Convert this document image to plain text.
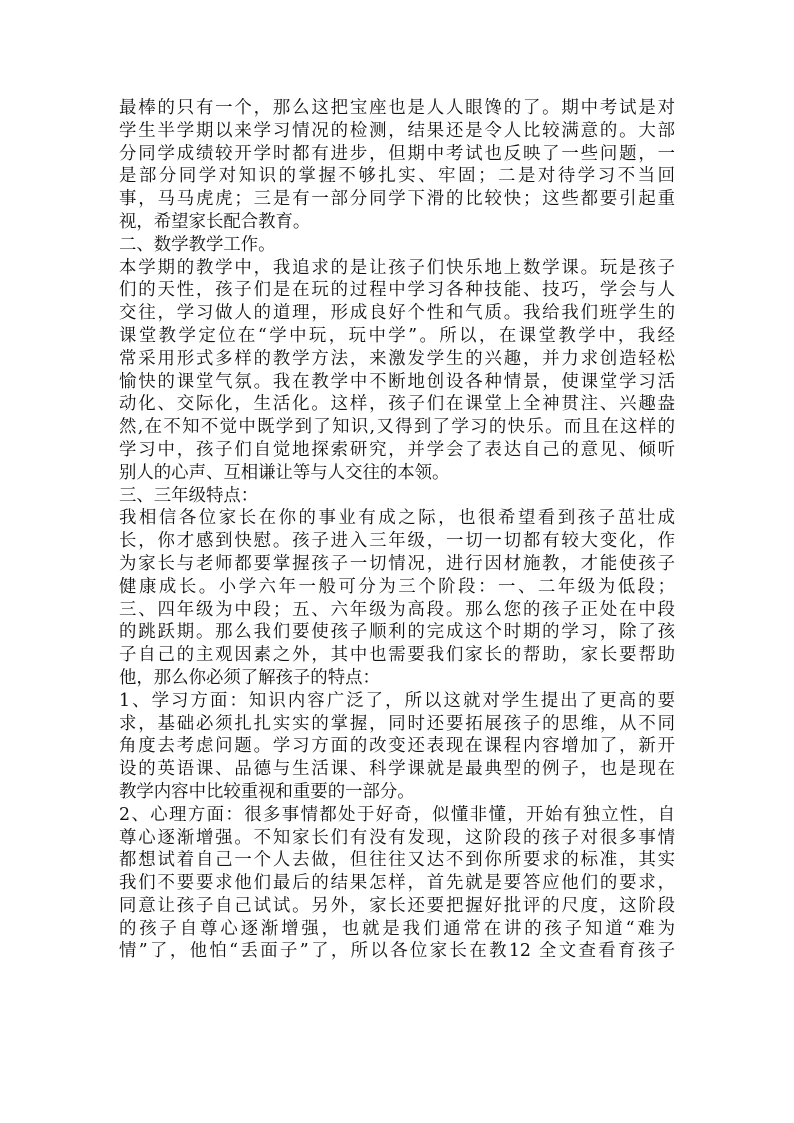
最棒的只有一个，那么这把宝座也是人人眼馋的了。期中考试是对
学生半学期以来学习情况的检测，结果还是令人比较满意的。大部
分同学成绩较开学时都有进步，但期中考试也反映了一些问题，一
是部分同学对知识的掌握不够扎实、牢固；二是对待学习不当回
事，马马虎虎；三是有一部分同学下滑的比较快；这些都要引起重
视，希望家长配合教育。
二、数学教学工作。
本学期的教学中，我追求的是让孩子们快乐地上数学课。玩是孩子
们的天性，孩子们是在玩的过程中学习各种技能、技巧，学会与人
交往，学习做人的道理，形成良好个性和气质。我给我们班学生的
课堂教学定位在“学中玩，玩中学”。所以，在课堂教学中，我经
常采用形式多样的教学方法，来激发学生的兴趣，并力求创造轻松
愉快的课堂气氛。我在教学中不断地创设各种情景，使课堂学习活
动化、交际化，生活化。这样，孩子们在课堂上全神贯注、兴趣盎
然,在不知不觉中既学到了知识,又得到了学习的快乐。而且在这样的
学习中，孩子们自觉地探索研究，并学会了表达自己的意见、倾听
别人的心声、互相谦让等与人交往的本领。
三、三年级特点：
我相信各位家长在你的事业有成之际，也很希望看到孩子茁壮成
长，你才感到快慰。孩子进入三年级，一切一切都有较大变化，作
为家长与老师都要掌握孩子一切情况，进行因材施教，才能使孩子
健康成长。小学六年一般可分为三个阶段：一、二年级为低段；
三、四年级为中段；五、六年级为高段。那么您的孩子正处在中段
的跳跃期。那么我们要使孩子顺利的完成这个时期的学习，除了孩
子自己的主观因素之外，其中也需要我们家长的帮助，家长要帮助
他，那么你必须了解孩子的特点：
1、学习方面：知识内容广泛了，所以这就对学生提出了更高的要
求，基础必须扎扎实实的掌握，同时还要拓展孩子的思维，从不同
角度去考虑问题。学习方面的改变还表现在课程内容增加了，新开
设的英语课、品德与生活课、科学课就是最典型的例子，也是现在
教学内容中比较重视和重要的一部分。
2、心理方面：很多事情都处于好奇，似懂非懂，开始有独立性，自
尊心逐渐增强。不知家长们有没有发现，这阶段的孩子对很多事情
都想试着自己一个人去做，但往往又达不到你所要求的标准，其实
我们不要要求他们最后的结果怎样，首先就是要答应他们的要求，
同意让孩子自己试试。另外，家长还要把握好批评的尺度，这阶段
的孩子自尊心逐渐增强，也就是我们通常在讲的孩子知道“难为
情”了，他怕“丢面子”了，所以各位家长在教12 全文查看育孩子
